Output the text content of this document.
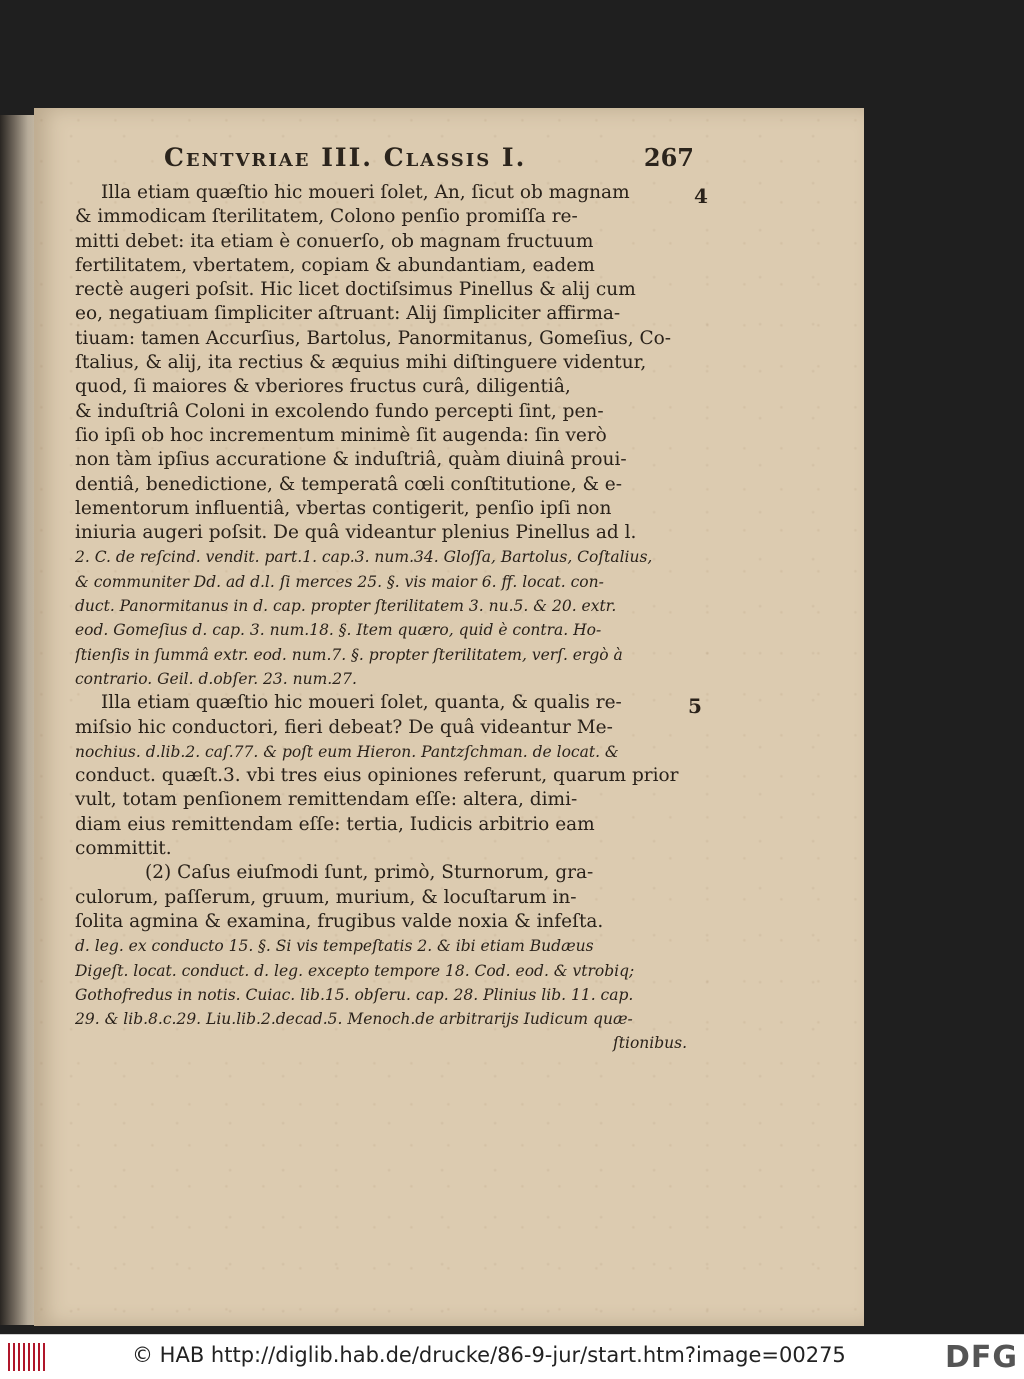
Centvriae III. Classis I.	267
4
5
Illa etiam quæſtio hic moueri ſolet, An, ſicut ob magnam
& immodicam ſterilitatem, Colono penſio promiſſa re-
mitti debet: ita etiam è conuerſo, ob magnam fructuum
fertilitatem, vbertatem, copiam & abundantiam, eadem
rectè augeri poſsit. Hic licet doctiſsimus Pinellus & alij cum
eo, negatiuam ſimpliciter aſtruant: Alij ſimpliciter affirma-
tiuam: tamen Accurſius, Bartolus, Panormitanus, Gomeſius, Co-
ſtalius, & alij, ita rectius & æquius mihi diſtinguere videntur,
quod, ſi maiores & vberiores fructus curâ, diligentiâ,
& induſtriâ Coloni in excolendo fundo percepti ſint, pen-
ſio ipſi ob hoc incrementum minimè ſit augenda: ſin verò
non tàm ipſius accuratione & induſtriâ, quàm diuinâ proui-
dentiâ, benedictione, & temperatâ cœli conſtitutione, & e-
lementorum influentiâ, vbertas contigerit, penſio ipſi non
iniuria augeri poſsit. De quâ videantur plenius Pinellus ad l.
2. C. de reſcind. vendit. part.1. cap.3. num.34. Gloſſa, Bartolus, Coſtalius,
& communiter Dd. ad d.l. ſi merces 25. §. vis maior 6. ff. locat. con-
duct. Panormitanus in d. cap. propter ſterilitatem 3. nu.5. & 20. extr.
eod. Gomeſius d. cap. 3. num.18. §. Item quæro, quid è contra. Ho-
ſtienſis in ſummâ extr. eod. num.7. §. propter ſterilitatem, verſ. ergò à
contrario. Geil. d.obſer. 23. num.27.
Illa etiam quæſtio hic moueri ſolet, quanta, & qualis re-
miſsio hic conductori, fieri debeat? De quâ videantur Me-
nochius. d.lib.2. caſ.77. & poſt eum Hieron. Pantzſchman. de locat. &
conduct. quæſt.3. vbi tres eius opiniones referunt, quarum prior
vult, totam penſionem remittendam eſſe: altera, dimi-
diam eius remittendam eſſe: tertia, Iudicis arbitrio eam
committit.
(2) Caſus eiuſmodi ſunt, primò, Sturnorum, gra-
culorum, paſſerum, gruum, murium, & locuſtarum in-
ſolita agmina & examina, frugibus valde noxia & infeſta.
d. leg. ex conducto 15. §. Si vis tempeſtatis 2. & ibi etiam Budæus
Digeſt. locat. conduct. d. leg. excepto tempore 18. Cod. eod. & vtrobiq;
Gothofredus in notis. Cuiac. lib.15. obſeru. cap. 28. Plinius lib. 11. cap.
29. & lib.8.c.29. Liu.lib.2.decad.5. Menoch.de arbitrarijs Iudicum quæ-
ſtionibus.
© HAB http://diglib.hab.de/drucke/86-9-jur/start.htm?image=00275	DFG
